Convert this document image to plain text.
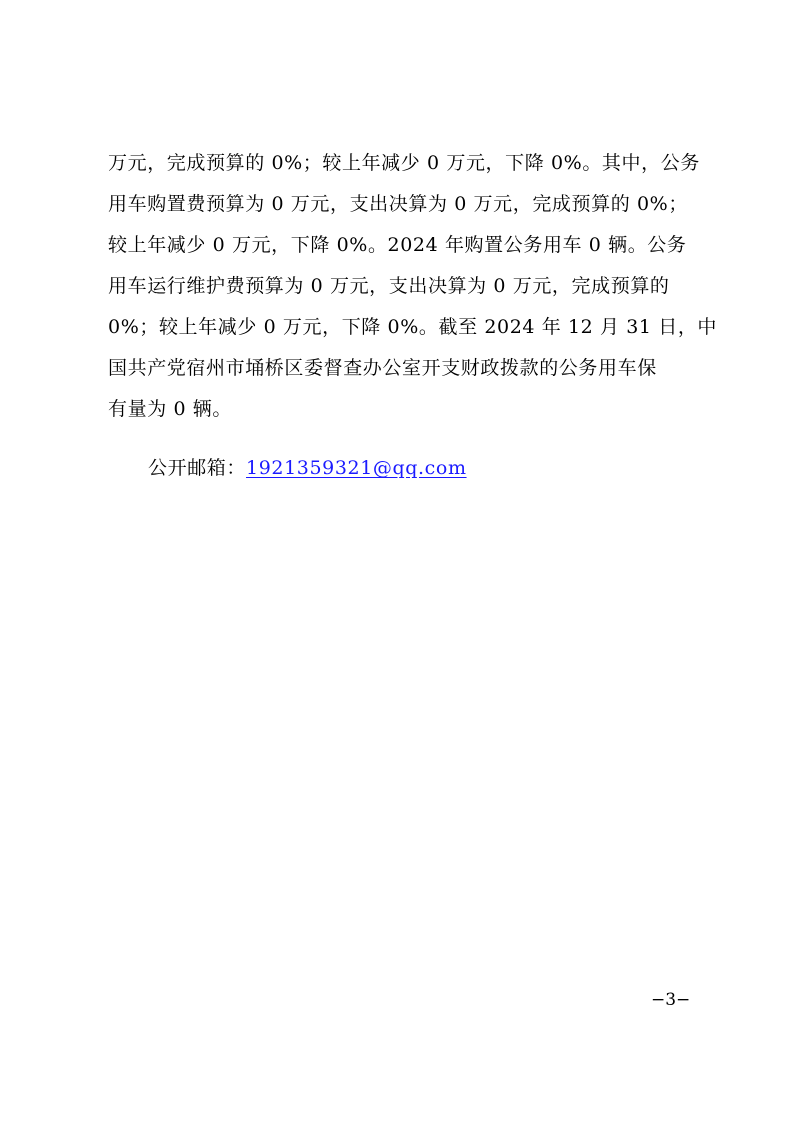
万元，完成预算的 0%；较上年减少 0 万元，下降 0%。其中，公务
用车购置费预算为 0 万元，支出决算为 0 万元，完成预算的 0%；
较上年减少 0 万元，下降 0%。2024 年购置公务用车 0 辆。公务
用车运行维护费预算为 0 万元，支出决算为 0 万元，完成预算的
0%；较上年减少 0 万元，下降 0%。截至 2024 年 12 月 31 日，中
国共产党宿州市埇桥区委督查办公室开支财政拨款的公务用车保
有量为 0 辆。
公开邮箱：1921359321@qq.com
−3−
